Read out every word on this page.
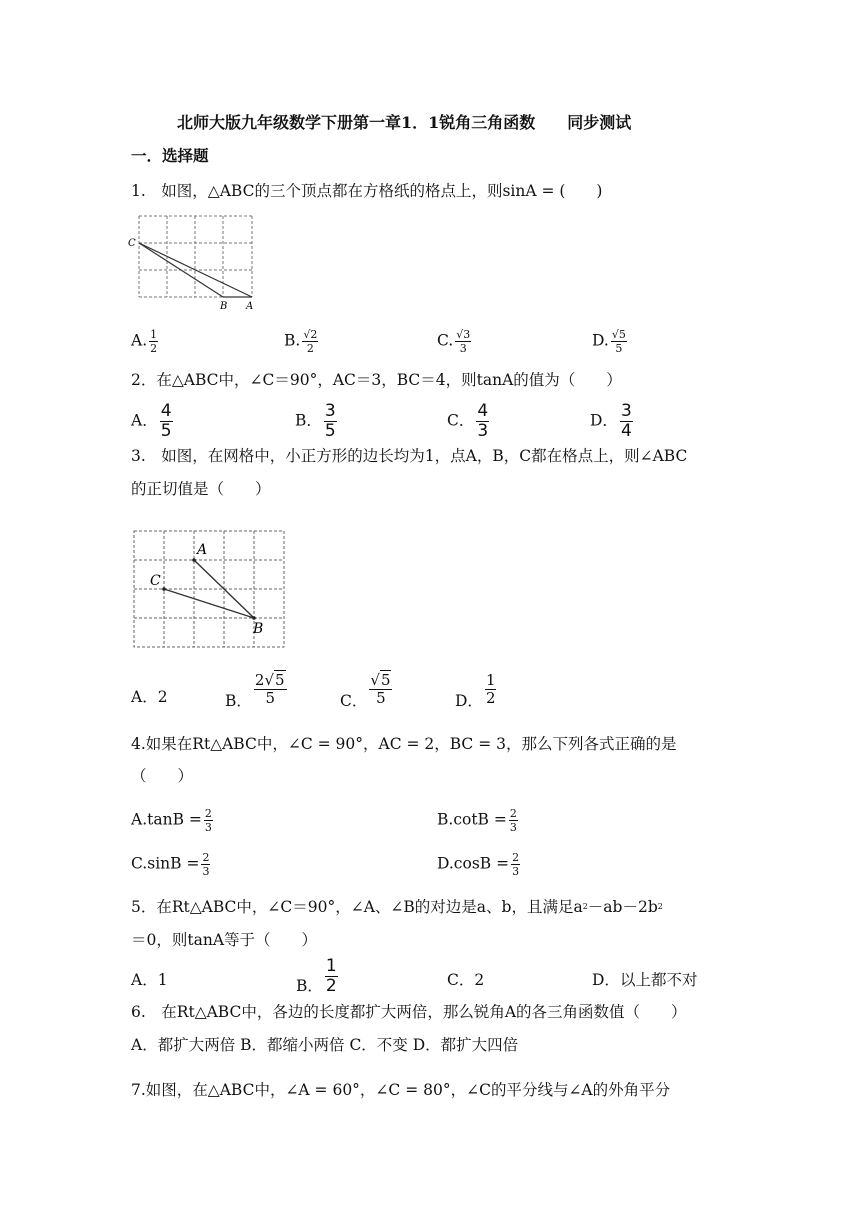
北师大版九年级数学下册第一章1．1锐角三角函数　　同步测试
一．选择题
1.　如图，△ABC的三个顶点都在方格纸的格点上，则sinA = (　　)
C
B A
A. $\frac{1}{2}$	B. $\frac{√2}{2}$	C. $\frac{√3}{3}$	D. $\frac{√5}{5}$
2．在△ABC中，∠C＝90°，AC＝3，BC＝4，则tanA的值为（　　）
A． $\frac{4}{5}$	B． $\frac{3}{5}$	C． $\frac{4}{3}$	D． $\frac{3}{4}$
3.　如图，在网格中，小正方形的边长均为1，点A，B，C都在格点上，则∠ABC
的正切值是（　　）
A
C
B
A．2	B． $\frac{2√5}{5}$	C． $\frac{√5}{5}$	D． $\frac{1}{2}$
4.如果在Rt△ABC中，∠C = 90°，AC = 2，BC = 3，那么下列各式正确的是
（　　）
$A.\tan B = \frac{2}{3}$	$B.\cot B = \frac{2}{3}$
$C.\sin B = \frac{2}{3}$	$D.\cos B = \frac{2}{3}$
5．在Rt△ABC中，∠C＝90°，∠A、∠B的对边是a、b，且满足$a^2-ab-2b^2$
＝0，则tanA等于（　　）
A．1	B． $\frac{1}{2}$	C．2	D．以上都不对
6.　在Rt△ABC中，各边的长度都扩大两倍，那么锐角A的各三角函数值（　　）
A．都扩大两倍 B．都缩小两倍 C．不变 D．都扩大四倍
7.如图，在△ABC中，∠A = 60°，∠C = 80°，∠C的平分线与∠A的外角平分
